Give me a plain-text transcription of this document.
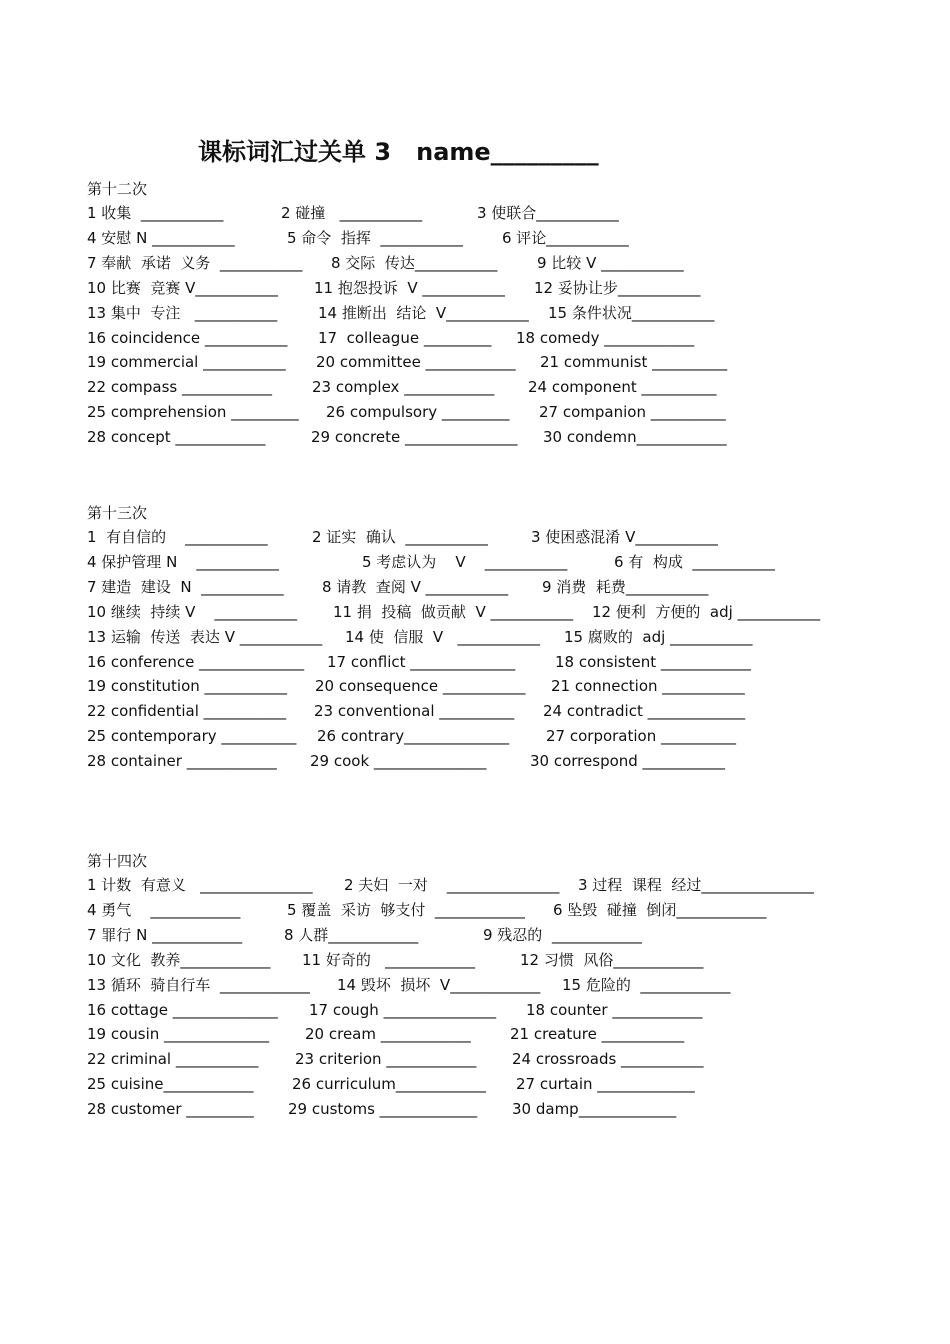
课标词汇过关单 3   name_________
第十二次
1 收集  ___________	2 碰撞   ___________	3 使联合___________
4 安慰 N ___________	5 命令  指挥  ___________	6 评论___________
7 奉献  承诺  义务  ___________ 8 交际  传达___________	9 比较 V ___________
10 比赛  竞赛 V___________ 11 抱怨投诉  V ___________ 12 妥协让步___________
13 集中  专注   ___________	14 推断出  结论  V___________ 15 条件状况___________
16 coincidence ___________ 17  colleague _________ 18 comedy ____________
19 commercial ___________ 20 committee ____________ 21 communist __________
22 compass ____________	23 complex ____________ 24 component __________
25 comprehension _________ 26 compulsory _________ 27 companion __________
28 concept ____________	29 concrete _______________ 30 condemn____________
第十三次
1  有自信的    ___________	2 证实  确认  ___________	3 使困惑混淆 V___________
4 保护管理 N    ___________	5 考虑认为    V    ___________	6 有  构成  ___________
7 建造  建设  N  ___________	8 请教  查阅 V ___________ 9 消费  耗费___________
10 继续  持续 V    ___________ 11 捐  投稿  做贡献  V ___________ 12 便利  方便的  adj ___________
13 运输  传送  表达 V ___________ 14 使  信服  V   ___________ 15 腐败的  adj ___________
16 conference ______________ 17 conflict ______________	18 consistent ____________
19 constitution ___________ 20 consequence ___________ 21 connection ___________
22 confidential ___________ 23 conventional __________ 24 contradict _____________
25 contemporary __________ 26 contrary______________ 27 corporation __________
28 container ____________ 29 cook _______________	30 correspond ___________
第十四次
1 计数  有意义   _______________ 2 夫妇  一对    _______________ 3 过程  课程  经过_______________
4 勇气    ____________	5 覆盖  采访  够支付  ____________ 6 坠毁  碰撞  倒闭____________
7 罪行 N ____________	8 人群____________	9 残忍的  ____________
10 文化  教养____________ 11 好奇的   ____________	12 习惯  风俗____________
13 循环  骑自行车  ____________ 14 毁坏  损坏  V____________ 15 危险的  ____________
16 cottage ______________ 17 cough _______________ 18 counter ____________
19 cousin ______________ 20 cream ____________	21 creature ___________
22 criminal ___________ 23 criterion ____________ 24 crossroads ___________
25 cuisine____________	26 curriculum____________ 27 curtain _____________
28 customer _________ 29 customs _____________ 30 damp_____________
